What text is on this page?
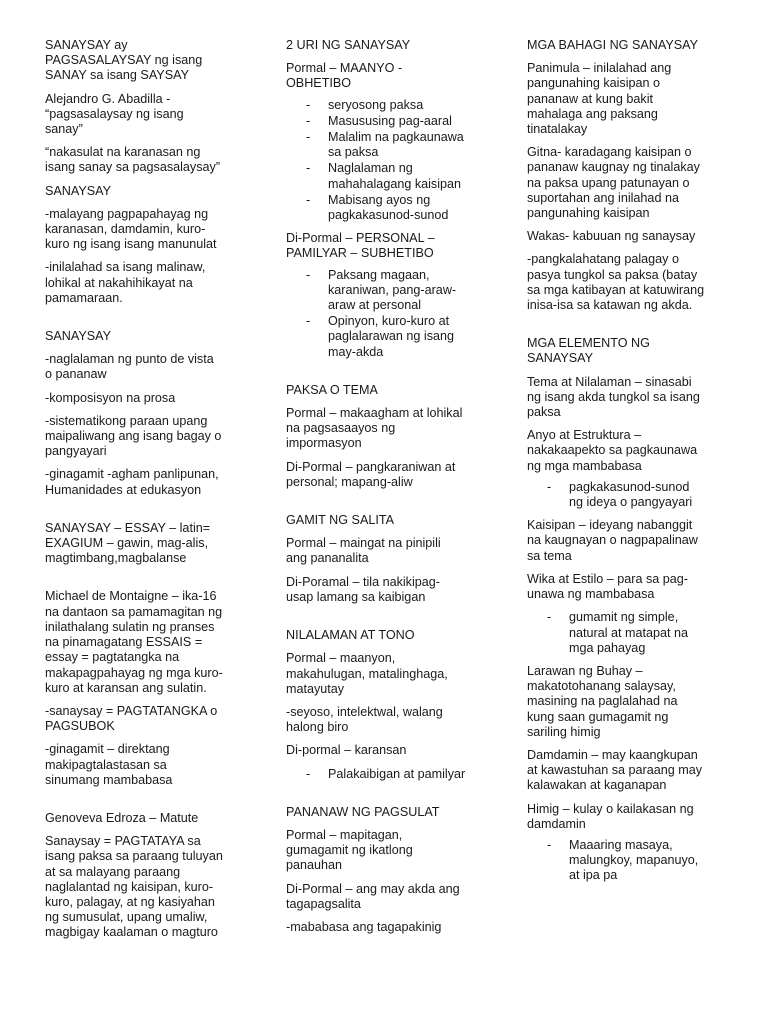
SANAYSAY ay
PAGSASALAYSAY ng isang
SANAY sa isang SAYSAY

Alejandro G. Abadilla -
“pagsasalaysay ng isang
sanay”

“nakasulat na karanasan ng
isang sanay sa pagsasalaysay”

SANAYSAY

-malayang pagpapahayag ng
karanasan, damdamin, kuro-
kuro ng isang isang manunulat

-inilalahad sa isang malinaw,
lohikal at nakahihikayat na
pamamaraan.

SANAYSAY

-naglalaman ng punto de vista
o pananaw

-komposisyon na prosa

-sistematikong paraan upang
maipaliwang ang isang bagay o
pangyayari

-ginagamit -agham panlipunan,
Humanidades at edukasyon

SANAYSAY – ESSAY – latin=
EXAGIUM – gawin, mag-alis,
magtimbang,magbalanse

Michael de Montaigne – ika-16
na dantaon sa pamamagitan ng
inilathalang sulatin ng pranses
na pinamagatang ESSAIS =
essay = pagtatangka na
makapagpahayag ng mga kuro-
kuro at karansan ang sulatin.

-sanaysay = PAGTATANGKA o
PAGSUBOK

-ginagamit – direktang
makipagtalastasan sa
sinumang mambabasa

Genoveva Edroza – Matute

Sanaysay = PAGTATAYA sa
isang paksa sa paraang tuluyan
at sa malayang paraang
naglalantad ng kaisipan, kuro-
kuro, palagay, at ng kasiyahan
ng sumusulat, upang umaliw,
magbigay kaalaman o magturo

2 URI NG SANAYSAY

Pormal – MAANYO -
OBHETIBO

- seryosong paksa
- Masususing pag-aaral
- Malalim na pagkaunawa
sa paksa
- Naglalaman ng
mahahalagang kaisipan
- Mabisang ayos ng
pagkakasunod-sunod

Di-Pormal – PERSONAL –
PAMILYAR – SUBHETIBO

- Paksang magaan,
karaniwan, pang-araw-
araw at personal
- Opinyon, kuro-kuro at
paglalarawan ng isang
may-akda

PAKSA O TEMA

Pormal – makaagham at lohikal
na pagsasaayos ng
impormasyon

Di-Pormal – pangkaraniwan at
personal; mapang-aliw

GAMIT NG SALITA

Pormal – maingat na pinipili
ang pananalita

Di-Poramal – tila nakikipag-
usap lamang sa kaibigan

NILALAMAN AT TONO

Pormal – maanyon,
makahulugan, matalinghaga,
matayutay

-seyoso, intelektwal, walang
halong biro

Di-pormal – karansan

- Palakaibigan at pamilyar

PANANAW NG PAGSULAT

Pormal – mapitagan,
gumagamit ng ikatlong
panauhan

Di-Pormal – ang may akda ang
tagapagsalita

-mababasa ang tagapakinig

MGA BAHAGI NG SANAYSAY

Panimula – inilalahad ang
pangunahing kaisipan o
pananaw at kung bakit
mahalaga ang paksang
tinatalakay

Gitna- karadagang kaisipan o
pananaw kaugnay ng tinalakay
na paksa upang patunayan o
suportahan ang inilahad na
pangunahing kaisipan

Wakas- kabuuan ng sanaysay

-pangkalahatang palagay o
pasya tungkol sa paksa (batay
sa mga katibayan at katuwirang
inisa-isa sa katawan ng akda.

MGA ELEMENTO NG
SANAYSAY

Tema at Nilalaman – sinasabi
ng isang akda tungkol sa isang
paksa

Anyo at Estruktura –
nakakaapekto sa pagkaunawa
ng mga mambabasa

- pagkakasunod-sunod
ng ideya o pangyayari

Kaisipan – ideyang nabanggit
na kaugnayan o nagpapalinaw
sa tema

Wika at Estilo – para sa pag-
unawa ng mambabasa

- gumamit ng simple,
natural at matapat na
mga pahayag

Larawan ng Buhay –
makatotohanang salaysay,
masining na paglalahad na
kung saan gumagamit ng
sariling himig

Damdamin – may kaangkupan
at kawastuhan sa paraang may
kalawakan at kaganapan

Himig – kulay o kailakasan ng
damdamin

- Maaaring masaya,
malungkoy, mapanuyo,
at ipa pa
